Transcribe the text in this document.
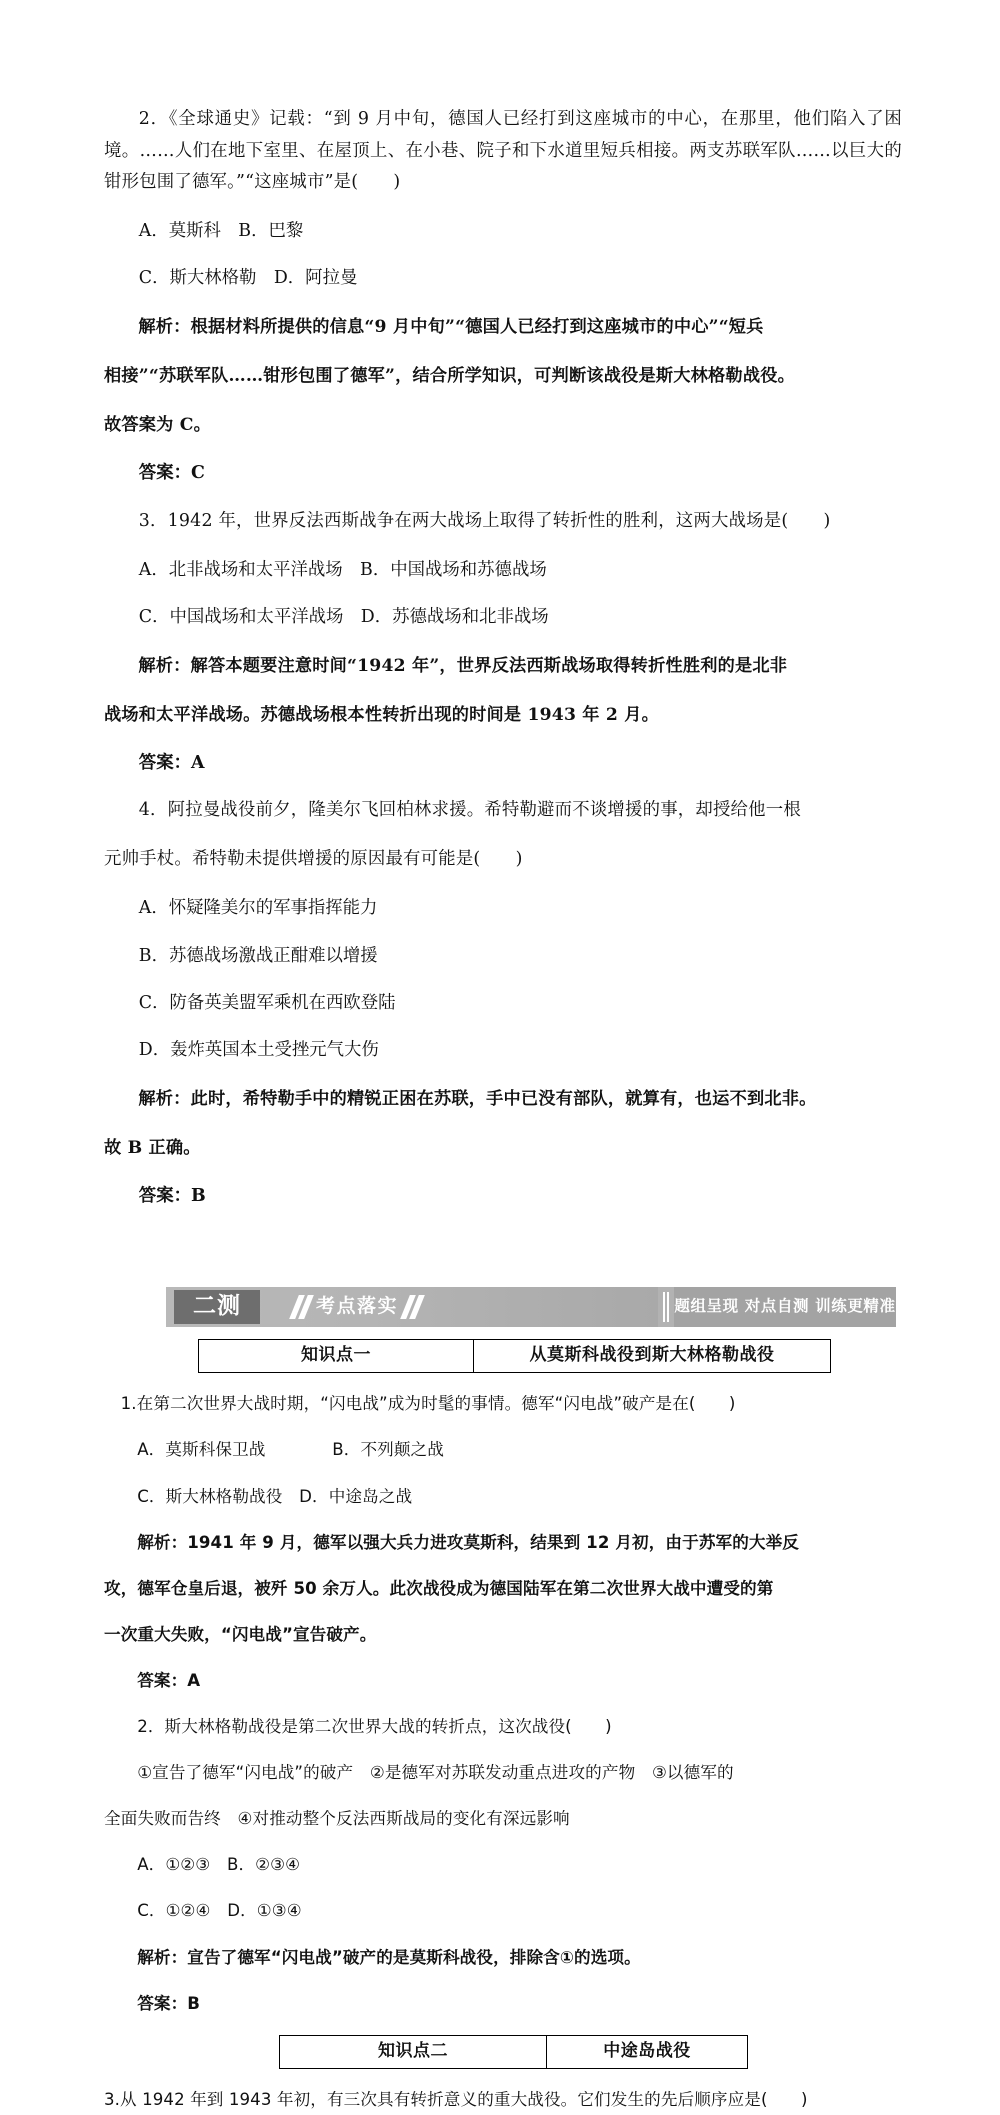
2．《全球通史》记载：“到 9 月中旬，德国人已经打到这座城市的中心，在那里，他们陷入了困境。……人们在地下室里、在屋顶上、在小巷、院子和下水道里短兵相接。两支苏联军队……以巨大的钳形包围了德军。”“这座城市”是(　　)

A．莫斯科　B．巴黎

C．斯大林格勒　D．阿拉曼

解析：根据材料所提供的信息“9 月中旬”“德国人已经打到这座城市的中心”“短兵

相接”“苏联军队……钳形包围了德军”，结合所学知识，可判断该战役是斯大林格勒战役。

故答案为 C。

答案：C

3．1942 年，世界反法西斯战争在两大战场上取得了转折性的胜利，这两大战场是(　　)

A．北非战场和太平洋战场　B．中国战场和苏德战场

C．中国战场和太平洋战场　D．苏德战场和北非战场

解析：解答本题要注意时间“1942 年”，世界反法西斯战场取得转折性胜利的是北非

战场和太平洋战场。苏德战场根本性转折出现的时间是 1943 年 2 月。

答案：A

4．阿拉曼战役前夕，隆美尔飞回柏林求援。希特勒避而不谈增援的事，却授给他一根

元帅手杖。希特勒未提供增援的原因最有可能是(　　)

A．怀疑隆美尔的军事指挥能力

B．苏德战场激战正酣难以增援

C．防备英美盟军乘机在西欧登陆

D．轰炸英国本土受挫元气大伤

解析：此时，希特勒手中的精锐正困在苏联，手中已没有部队，就算有，也运不到北非。

故 B 正确。

答案：B

二测	考点落实	题组呈现 对点自测 训练更精准
知识点一	从莫斯科战役到斯大林格勒战役

1.在第二次世界大战时期，“闪电战”成为时髦的事情。德军“闪电战”破产是在(　　)

A．莫斯科保卫战　　　　B．不列颠之战

C．斯大林格勒战役　D．中途岛之战

解析：1941 年 9 月，德军以强大兵力进攻莫斯科，结果到 12 月初，由于苏军的大举反

攻，德军仓皇后退，被歼 50 余万人。此次战役成为德国陆军在第二次世界大战中遭受的第

一次重大失败，“闪电战”宣告破产。

答案：A

2．斯大林格勒战役是第二次世界大战的转折点，这次战役(　　)

①宣告了德军“闪电战”的破产　②是德军对苏联发动重点进攻的产物　③以德军的

全面失败而告终　④对推动整个反法西斯战局的变化有深远影响

A．①②③　B．②③④

C．①②④　D．①③④

解析：宣告了德军“闪电战”破产的是莫斯科战役，排除含①的选项。

答案：B

知识点二	中途岛战役

3.从 1942 年到 1943 年初，有三次具有转折意义的重大战役。它们发生的先后顺序应是(　　)
